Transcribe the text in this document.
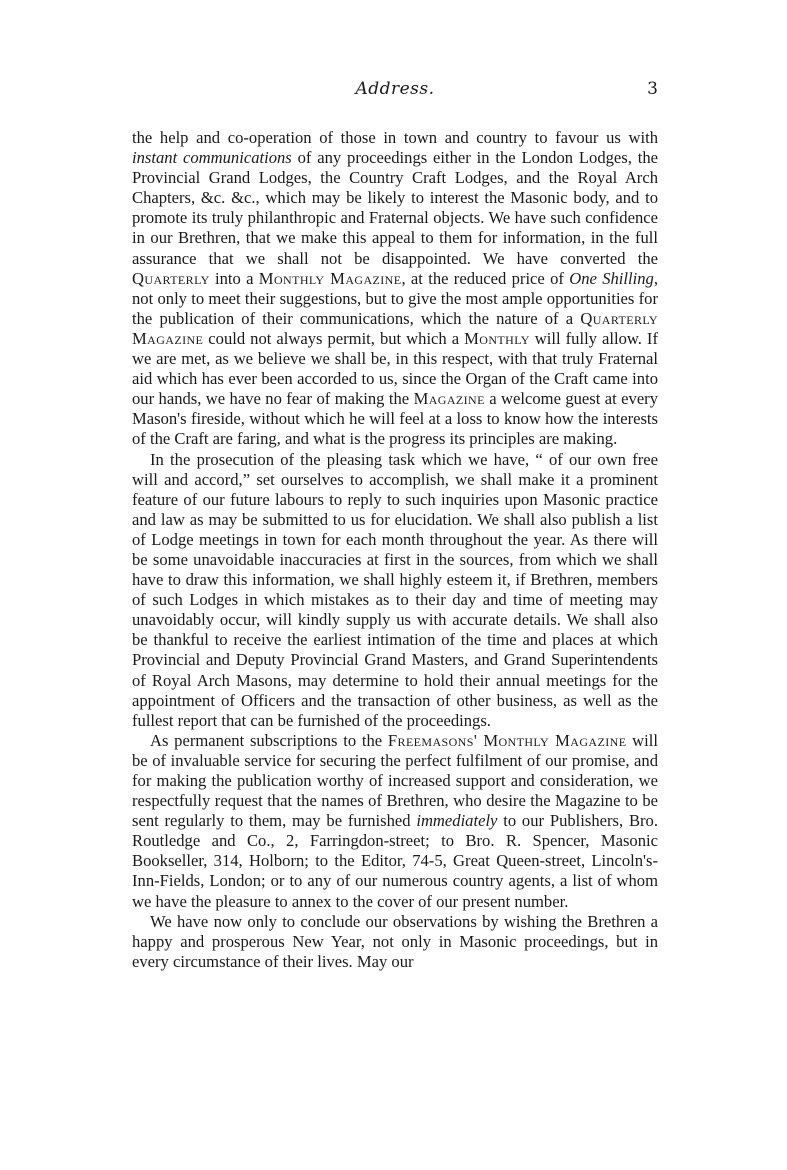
Address.	3

the help and co-operation of those in town and country to favour us with instant communications of any proceedings either in the London Lodges, the Provincial Grand Lodges, the Country Craft Lodges, and the Royal Arch Chapters, &c. &c., which may be likely to interest the Masonic body, and to promote its truly philanthropic and Fraternal objects. We have such confidence in our Brethren, that we make this appeal to them for information, in the full assurance that we shall not be disappointed. We have converted the Quarterly into a Monthly Magazine, at the reduced price of One Shilling, not only to meet their suggestions, but to give the most ample opportunities for the publication of their communications, which the nature of a Quarterly Magazine could not always permit, but which a Monthly will fully allow. If we are met, as we believe we shall be, in this respect, with that truly Fraternal aid which has ever been accorded to us, since the Organ of the Craft came into our hands, we have no fear of making the Magazine a welcome guest at every Mason's fireside, without which he will feel at a loss to know how the interests of the Craft are faring, and what is the progress its principles are making.

In the prosecution of the pleasing task which we have, “ of our own free will and accord,” set ourselves to accomplish, we shall make it a prominent feature of our future labours to reply to such inquiries upon Masonic practice and law as may be submitted to us for elucidation. We shall also publish a list of Lodge meetings in town for each month throughout the year. As there will be some unavoidable inaccuracies at first in the sources, from which we shall have to draw this information, we shall highly esteem it, if Brethren, members of such Lodges in which mistakes as to their day and time of meeting may unavoidably occur, will kindly supply us with accurate details. We shall also be thankful to receive the earliest intimation of the time and places at which Provincial and Deputy Provincial Grand Masters, and Grand Superintendents of Royal Arch Masons, may determine to hold their annual meetings for the appointment of Officers and the transaction of other business, as well as the fullest report that can be furnished of the proceedings.

As permanent subscriptions to the Freemasons' Monthly Magazine will be of invaluable service for securing the perfect fulfilment of our promise, and for making the publication worthy of increased support and consideration, we respectfully request that the names of Brethren, who desire the Magazine to be sent regularly to them, may be furnished immediately to our Publishers, Bro. Routledge and Co., 2, Farringdon-street; to Bro. R. Spencer, Masonic Bookseller, 314, Holborn; to the Editor, 74-5, Great Queen-street, Lincoln's-Inn-Fields, London; or to any of our numerous country agents, a list of whom we have the pleasure to annex to the cover of our present number.

We have now only to conclude our observations by wishing the Brethren a happy and prosperous New Year, not only in Masonic proceedings, but in every circumstance of their lives. May our
